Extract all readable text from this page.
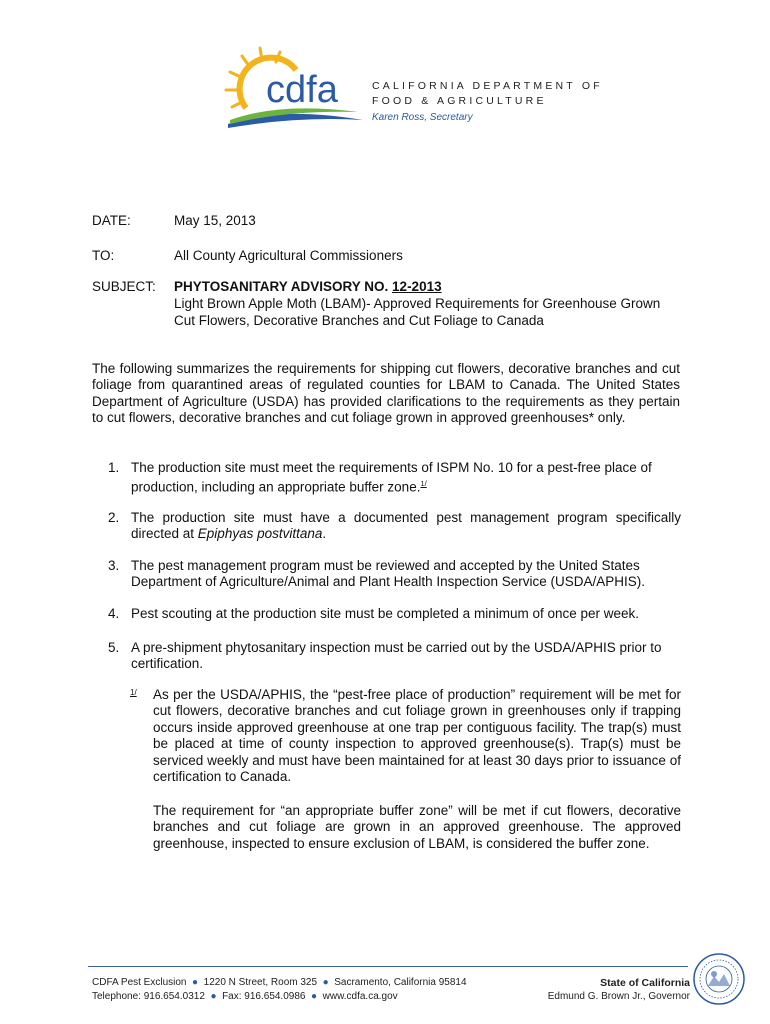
cdfa	CALIFORNIA DEPARTMENT OF
FOOD & AGRICULTURE
Karen Ross, Secretary
DATE:	May 15, 2013
TO:	All County Agricultural Commissioners
SUBJECT: PHYTOSANITARY ADVISORY NO. 12-2013
Light Brown Apple Moth (LBAM)- Approved Requirements for Greenhouse Grown
Cut Flowers, Decorative Branches and Cut Foliage to Canada
The following summarizes the requirements for shipping cut flowers, decorative branches and cut foliage from quarantined areas of regulated counties for LBAM to Canada. The United States Department of Agriculture (USDA) has provided clarifications to the requirements as they pertain to cut flowers, decorative branches and cut foliage grown in approved greenhouses* only.
1. The production site must meet the requirements of ISPM No. 10 for a pest-free place of production, including an appropriate buffer zone.$^{1/}$
2. The production site must have a documented pest management program specifically directed at Epiphyas postvittana.
3. The pest management program must be reviewed and accepted by the United States Department of Agriculture/Animal and Plant Health Inspection Service (USDA/APHIS).
4. Pest scouting at the production site must be completed a minimum of once per week.
5. A pre-shipment phytosanitary inspection must be carried out by the USDA/APHIS prior to certification.
1/ As per the USDA/APHIS, the “pest-free place of production” requirement will be met for cut flowers, decorative branches and cut foliage grown in greenhouses only if trapping occurs inside approved greenhouse at one trap per contiguous facility. The trap(s) must be placed at time of county inspection to approved greenhouse(s). Trap(s) must be serviced weekly and must have been maintained for at least 30 days prior to issuance of certification to Canada.
The requirement for “an appropriate buffer zone” will be met if cut flowers, decorative branches and cut foliage are grown in an approved greenhouse. The approved greenhouse, inspected to ensure exclusion of LBAM, is considered the buffer zone.
CDFA Pest Exclusion ● 1220 N Street, Room 325 ● Sacramento, California 95814
Telephone: 916.654.0312 ● Fax: 916.654.0986 ● www.cdfa.ca.gov
State of California
Edmund G. Brown Jr., Governor
